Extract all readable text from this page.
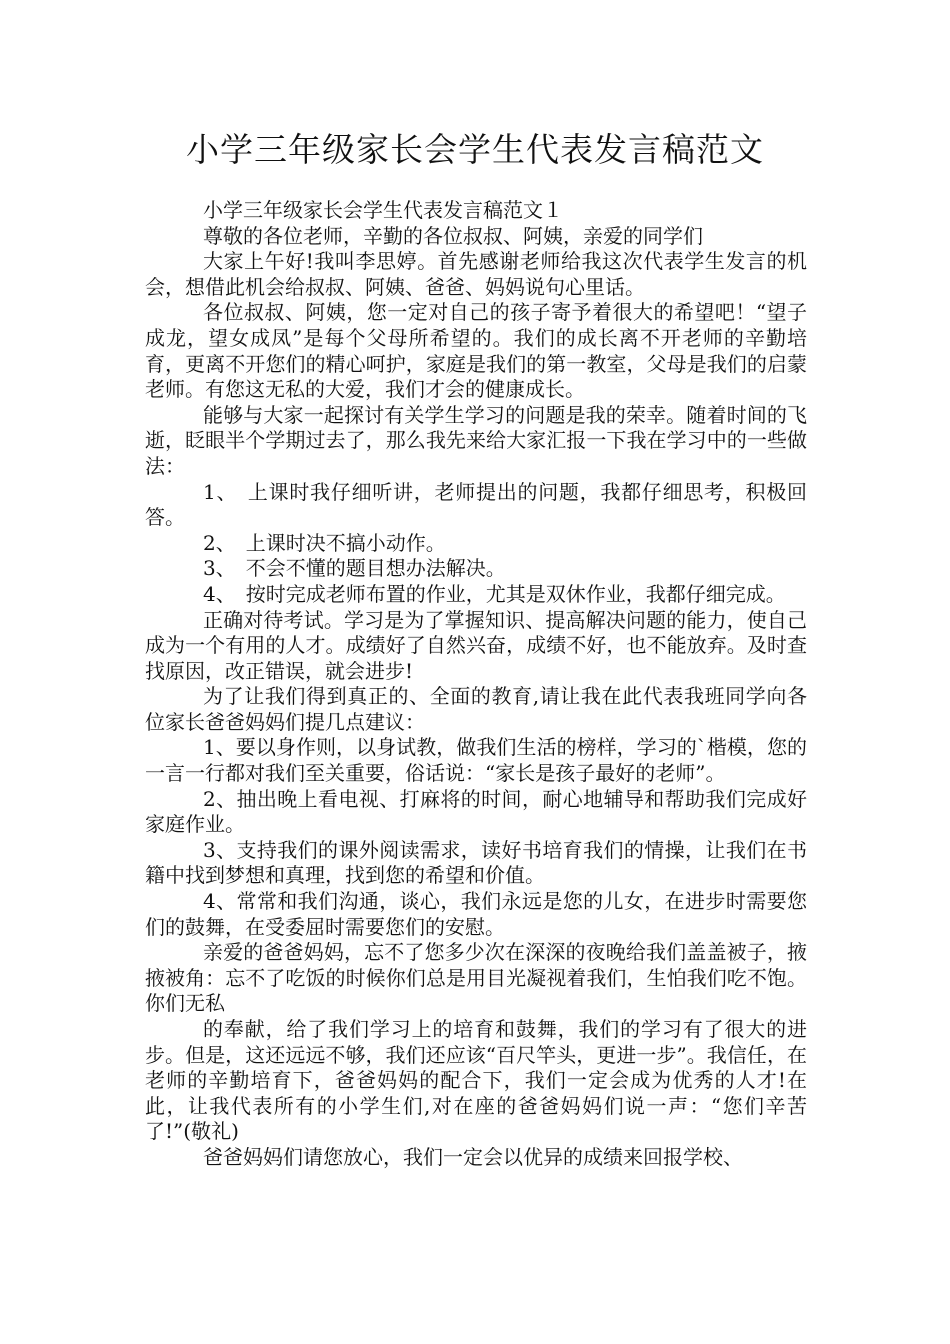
小学三年级家长会学生代表发言稿范文

小学三年级家长会学生代表发言稿范文１

尊敬的各位老师，辛勤的各位叔叔、阿姨，亲爱的同学们

大家上午好!我叫李思婷。首先感谢老师给我这次代表学生发言的机会，想借此机会给叔叔、阿姨、爸爸、妈妈说句心里话。

各位叔叔、阿姨，您一定对自己的孩子寄予着很大的希望吧！“望子成龙，望女成凤”是每个父母所希望的。我们的成长离不开老师的辛勤培育，更离不开您们的精心呵护，家庭是我们的第一教室，父母是我们的启蒙老师。有您这无私的大爱，我们才会的健康成长。

能够与大家一起探讨有关学生学习的问题是我的荣幸。随着时间的飞逝，眨眼半个学期过去了，那么我先来给大家汇报一下我在学习中的一些做法：

1、　上课时我仔细听讲，老师提出的问题，我都仔细思考，积极回答。

2、　上课时决不搞小动作。

3、　不会不懂的题目想办法解决。

4、　按时完成老师布置的作业，尤其是双休作业，我都仔细完成。

正确对待考试。学习是为了掌握知识、提高解决问题的能力，使自己成为一个有用的人才。成绩好了自然兴奋，成绩不好，也不能放弃。及时查找原因，改正错误，就会进步!

为了让我们得到真正的、全面的教育,请让我在此代表我班同学向各位家长爸爸妈妈们提几点建议：

1、要以身作则，以身试教，做我们生活的榜样，学习的`楷模，您的一言一行都对我们至关重要，俗话说：“家长是孩子最好的老师”。

2、抽出晚上看电视、打麻将的时间，耐心地辅导和帮助我们完成好家庭作业。

3、支持我们的课外阅读需求，读好书培育我们的情操，让我们在书籍中找到梦想和真理，找到您的希望和价值。

4、常常和我们沟通，谈心，我们永远是您的儿女，在进步时需要您们的鼓舞，在受委屈时需要您们的安慰。

亲爱的爸爸妈妈，忘不了您多少次在深深的夜晚给我们盖盖被子，掖掖被角：忘不了吃饭的时候你们总是用目光凝视着我们，生怕我们吃不饱。你们无私

的奉献，给了我们学习上的培育和鼓舞，我们的学习有了很大的进步。但是，这还远远不够，我们还应该“百尺竿头，更进一步”。我信任，在老师的辛勤培育下，爸爸妈妈的配合下，我们一定会成为优秀的人才!在此，让我代表所有的小学生们,对在座的爸爸妈妈们说一声：“您们辛苦了!”(敬礼)

爸爸妈妈们请您放心，我们一定会以优异的成绩来回报学校、
